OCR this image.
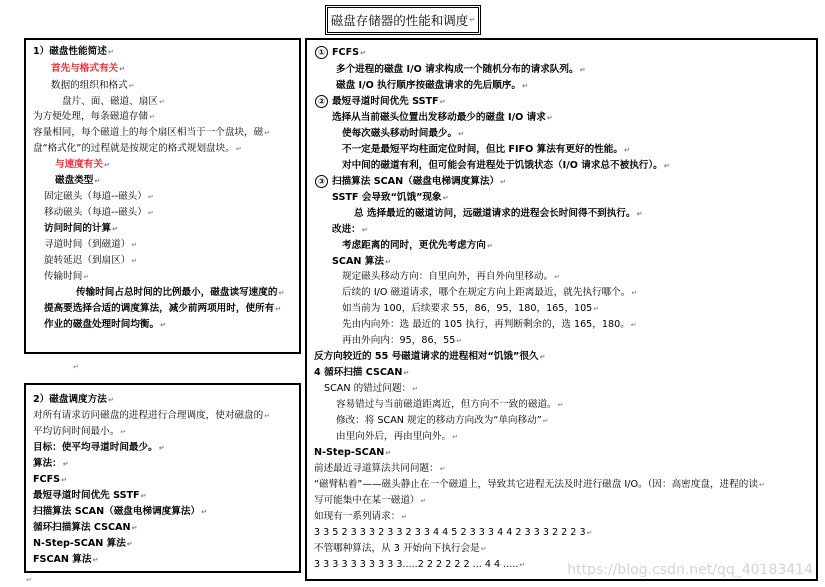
磁盘存储器的性能和调度 ↵
↵
↵
1）磁盘性能简述↵
首先与格式有关↵
数据的组织和格式↵
盘片、面、磁道、扇区↵
为方便处理，每条磁道存储↵
容量相同，每个磁道上的每个扇区相当于一个盘块，磁↵
盘“格式化”的过程就是按规定的格式规划盘块。↵
与速度有关↵
磁盘类型↵
固定磁头（每道--磁头）↵
移动磁头（每道--磁头）↵
访问时间的计算↵
寻道时间（到磁道）↵
旋转延迟（到扇区）↵
传输时间↵
传输时间占总时间的比例最小，磁盘读写速度的↵
提高要选择合适的调度算法，减少前两项用时，使所有↵
作业的磁盘处理时间均衡。↵
2）磁盘调度方法↵
对所有请求访问磁盘的进程进行合理调度，使对磁盘的↵
平均访问时间最小。↵
目标：使平均寻道时间最少。↵
算法：↵
FCFS↵
最短寻道时间优先 SSTF↵
扫描算法 SCAN（磁盘电梯调度算法）↵
循环扫描算法 CSCAN↵
N-Step-SCAN 算法↵
FSCAN 算法↵
① FCFS↵
多个进程的磁盘 I/O 请求构成一个随机分布的请求队列。↵
磁盘 I/O 执行顺序按磁盘请求的先后顺序。↵
② 最短寻道时间优先 SSTF↵
选择从当前磁头位置出发移动最少的磁盘 I/O 请求↵
使每次磁头移动时间最少。↵
不一定是最短平均柱面定位时间，但比 FIFO 算法有更好的性能。↵
对中间的磁道有利，但可能会有进程处于饥饿状态（I/O 请求总不被执行）。↵
③ 扫描算法 SCAN（磁盘电梯调度算法）↵
SSTF 会导致“饥饿”现象↵
总 选择最近的磁道访问，远磁道请求的进程会长时间得不到执行。↵
改进：↵
考虑距离的同时，更优先考虑方向↵
SCAN 算法↵
规定磁头移动方向：自里向外，再自外向里移动。↵
后续的 I/O 磁道请求，哪个在规定方向上距离最近，就先执行哪个。↵
如当前为 100，后续要求 55，86，95，180，165，105↵
先由内向外：选 最近的 105 执行，再判断剩余的，选 165，180。↵
再由外向内：95，86，55↵
反方向较近的 55 号磁道请求的进程相对“饥饿”很久↵
4 循环扫描 CSCAN↵
SCAN 的错过问题：↵
容易错过与当前磁道距离近，但方向不一致的磁道。↵
修改：将 SCAN 规定的移动方向改为“单向移动”↵
由里向外后，再由里向外。↵
N-Step-SCAN↵
前述最近寻道算法共同问题：↵
“磁臂粘着”——磁头静止在一个磁道上，导致其它进程无法及时进行磁盘 I/O。（因：高密度盘，进程的读↵
写可能集中在某一磁道）↵
如现有一系列请求：↵
3 3 5 2 3 3 3 2 3 3 2 3 3 4 4 5 2 3 3 3 4 4 2 3 3 3 2 2 2 3↵
不管哪种算法，从 3 开始向下执行会是↵
3 3 3 3 3 3 3 3 3 3.....2 2 2 2 2 2 ... 4 4 .....↵	https://blog.csdn.net/qq_40183414
